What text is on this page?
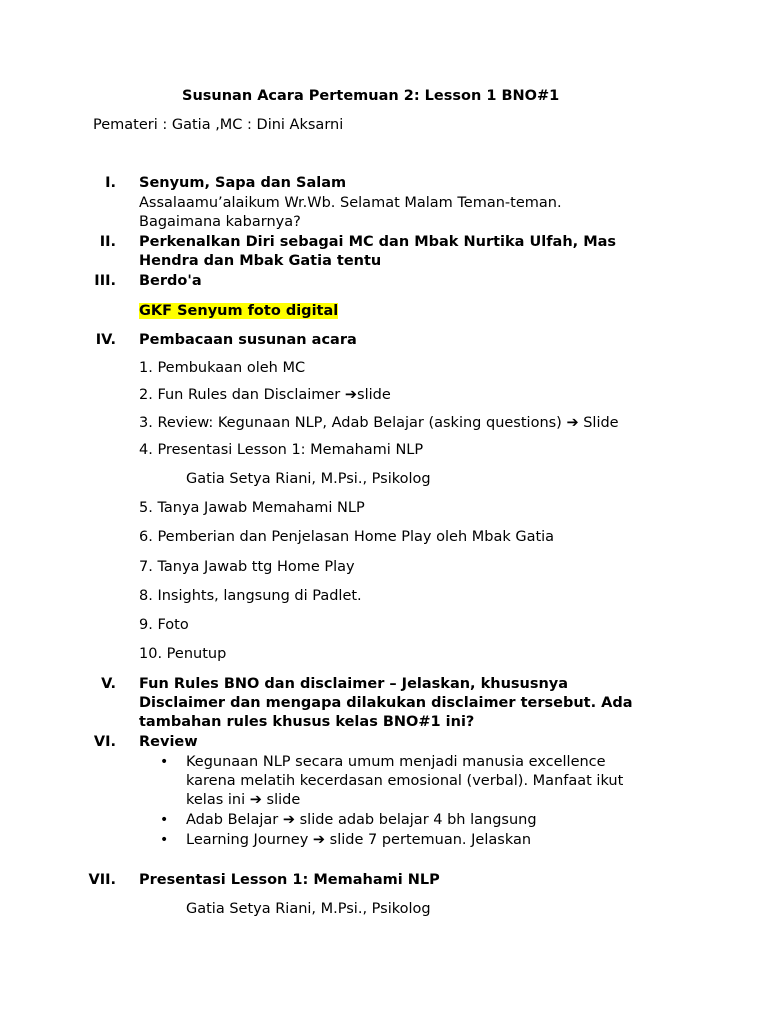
Susunan Acara Pertemuan 2: Lesson 1 BNO#1
Pemateri : Gatia ,MC : Dini Aksarni
I. Senyum, Sapa dan Salam
Assalaamu’alaikum Wr.Wb. Selamat Malam Teman-teman.
Bagaimana kabarnya?
II. Perkenalkan Diri sebagai MC dan Mbak Nurtika Ulfah, Mas
Hendra dan Mbak Gatia tentu
III. Berdo'a
GKF Senyum foto digital
IV. Pembacaan susunan acara
1. Pembukaan oleh MC
2. Fun Rules dan Disclaimer ➔slide
3. Review: Kegunaan NLP, Adab Belajar (asking questions) ➔ Slide
4. Presentasi Lesson 1: Memahami NLP
Gatia Setya Riani, M.Psi., Psikolog
5. Tanya Jawab Memahami NLP
6. Pemberian dan Penjelasan Home Play oleh Mbak Gatia
7. Tanya Jawab ttg Home Play
8. Insights, langsung di Padlet.
9. Foto
10. Penutup
V. Fun Rules BNO dan disclaimer – Jelaskan, khususnya
Disclaimer dan mengapa dilakukan disclaimer tersebut. Ada
tambahan rules khusus kelas BNO#1 ini?
VI. Review
• Kegunaan NLP secara umum menjadi manusia excellence
karena melatih kecerdasan emosional (verbal). Manfaat ikut
kelas ini ➔ slide
• Adab Belajar ➔ slide adab belajar 4 bh langsung
• Learning Journey ➔ slide 7 pertemuan. Jelaskan
VII. Presentasi Lesson 1: Memahami NLP
Gatia Setya Riani, M.Psi., Psikolog
